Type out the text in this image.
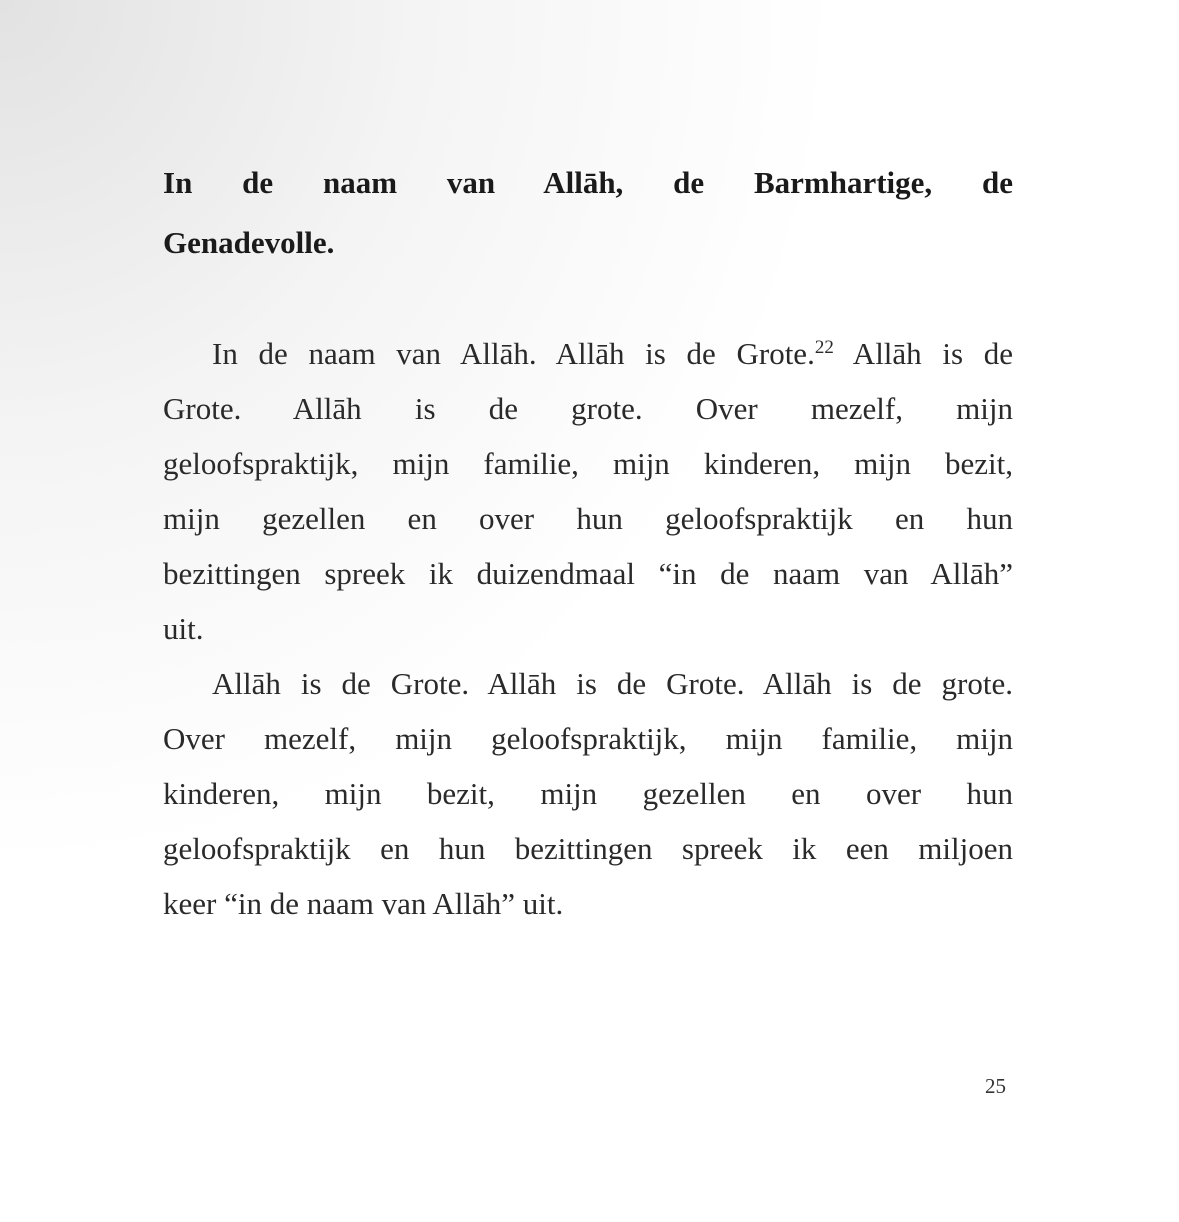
In de naam van Allāh, de Barmhartige, de
Genadevolle.
In de naam van Allāh. Allāh is de Grote.$^{22}$ Allāh is de
Grote. Allāh is de grote. Over mezelf, mijn
geloofspraktijk, mijn familie, mijn kinderen, mijn bezit,
mijn gezellen en over hun geloofspraktijk en hun
bezittingen spreek ik duizendmaal “in de naam van Allāh”
uit.
Allāh is de Grote. Allāh is de Grote. Allāh is de grote.
Over mezelf, mijn geloofspraktijk, mijn familie, mijn
kinderen, mijn bezit, mijn gezellen en over hun
geloofspraktijk en hun bezittingen spreek ik een miljoen
keer “in de naam van Allāh” uit.
25
